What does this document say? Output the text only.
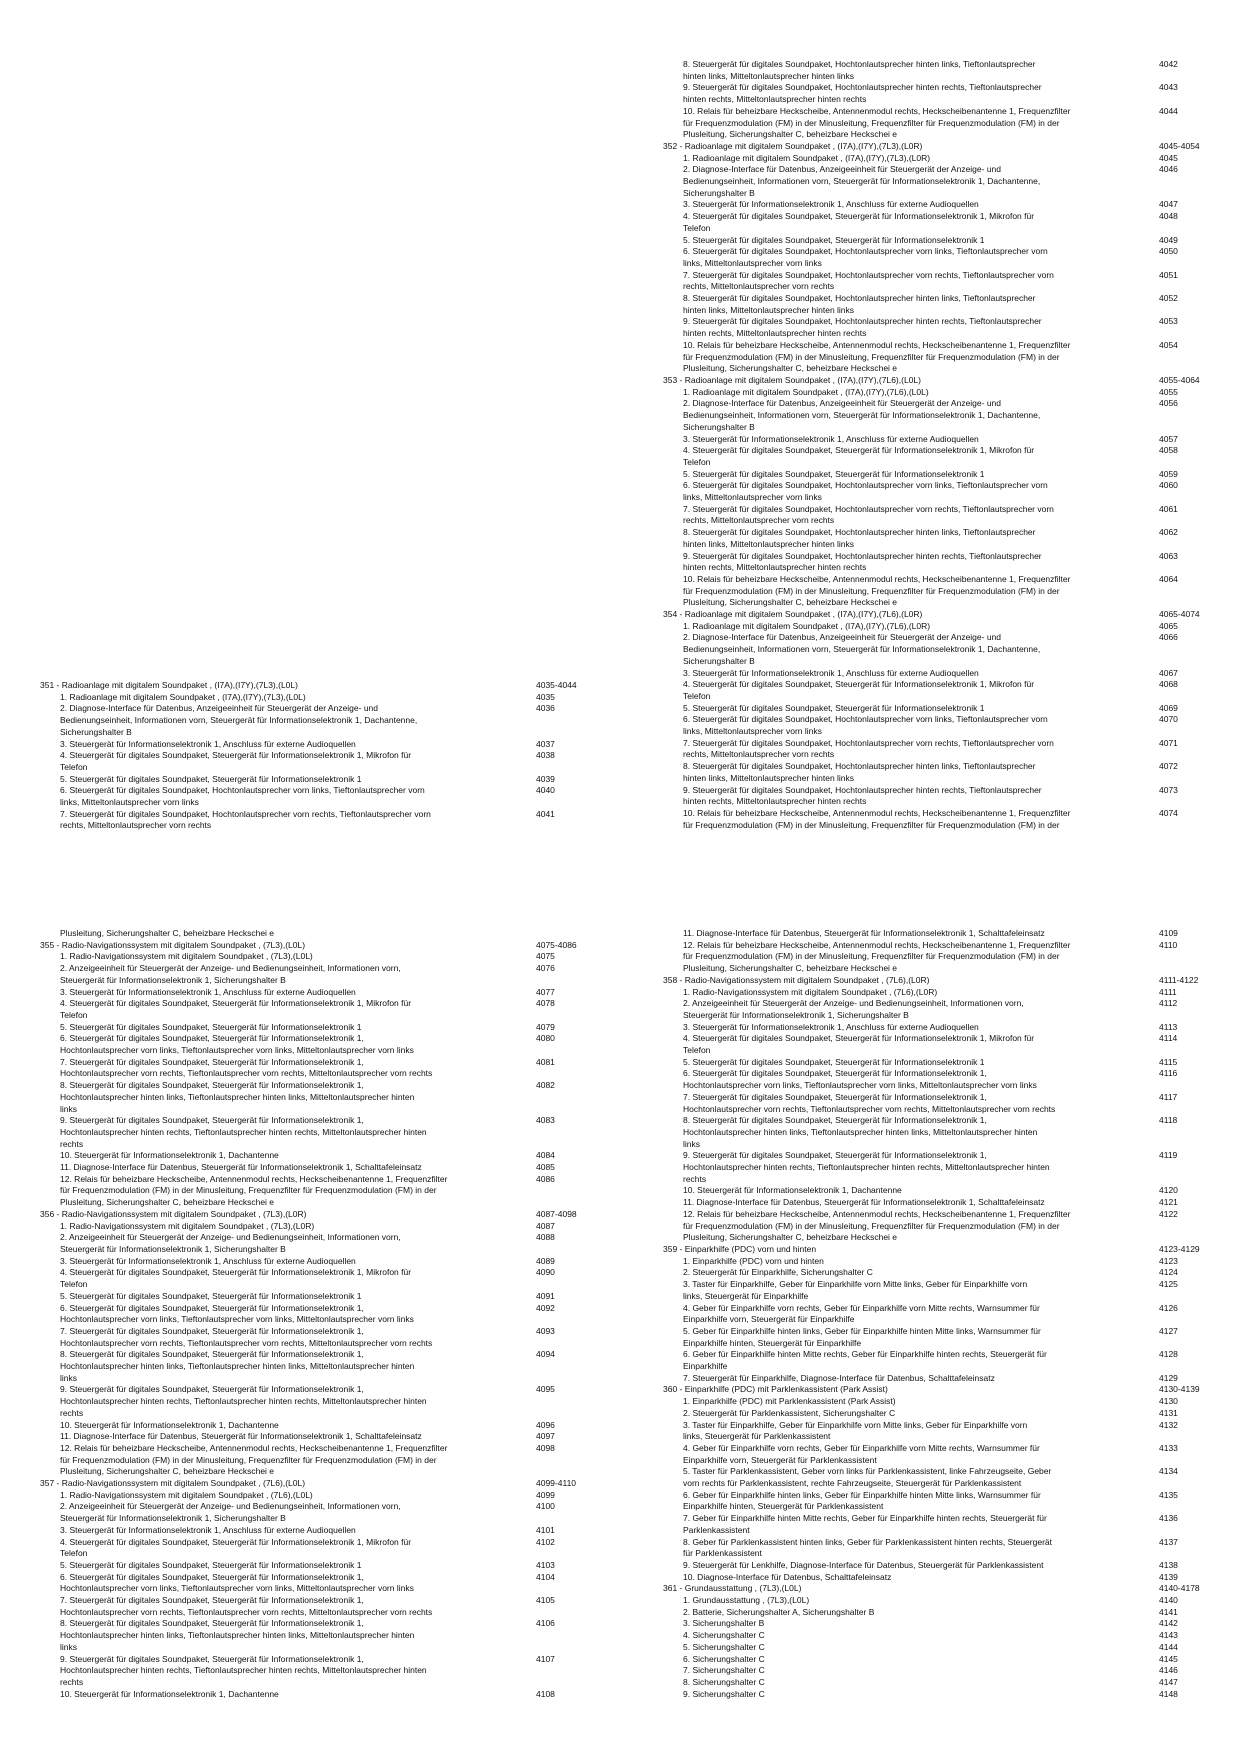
8. Steuergerät für digitales Soundpaket, Hochtonlautsprecher hinten links, Tieftonlautsprecher
hinten links, Mitteltonlautsprecher hinten links
4042
9. Steuergerät für digitales Soundpaket, Hochtonlautsprecher hinten rechts, Tieftonlautsprecher
hinten rechts, Mitteltonlautsprecher hinten rechts
4043
10. Relais für beheizbare Heckscheibe, Antennenmodul rechts, Heckscheibenantenne 1, Frequenzfilter
für Frequenzmodulation (FM) in der Minusleitung, Frequenzfilter für Frequenzmodulation (FM) in der
Plusleitung, Sicherungshalter C, beheizbare Heckschei e
4044
352 - Radioanlage mit digitalem Soundpaket , (I7A),(I7Y),(7L3),(L0R)	4045-4054
1. Radioanlage mit digitalem Soundpaket , (I7A),(I7Y),(7L3),(L0R)	4045
2. Diagnose-Interface für Datenbus, Anzeigeeinheit für Steuergerät der Anzeige- und
Bedienungseinheit, Informationen vorn, Steuergerät für Informationselektronik 1, Dachantenne,
Sicherungshalter B
4046
3. Steuergerät für Informationselektronik 1, Anschluss für externe Audioquellen	4047
4. Steuergerät für digitales Soundpaket, Steuergerät für Informationselektronik 1, Mikrofon für
Telefon
4048
5. Steuergerät für digitales Soundpaket, Steuergerät für Informationselektronik 1	4049
6. Steuergerät für digitales Soundpaket, Hochtonlautsprecher vorn links, Tieftonlautsprecher vorn
links, Mitteltonlautsprecher vorn links
4050
7. Steuergerät für digitales Soundpaket, Hochtonlautsprecher vorn rechts, Tieftonlautsprecher vorn
rechts, Mitteltonlautsprecher vorn rechts
4051
8. Steuergerät für digitales Soundpaket, Hochtonlautsprecher hinten links, Tieftonlautsprecher
hinten links, Mitteltonlautsprecher hinten links
4052
9. Steuergerät für digitales Soundpaket, Hochtonlautsprecher hinten rechts, Tieftonlautsprecher
hinten rechts, Mitteltonlautsprecher hinten rechts
4053
10. Relais für beheizbare Heckscheibe, Antennenmodul rechts, Heckscheibenantenne 1, Frequenzfilter
für Frequenzmodulation (FM) in der Minusleitung, Frequenzfilter für Frequenzmodulation (FM) in der
Plusleitung, Sicherungshalter C, beheizbare Heckschei e
4054
353 - Radioanlage mit digitalem Soundpaket , (I7A),(I7Y),(7L6),(L0L)	4055-4064
1. Radioanlage mit digitalem Soundpaket , (I7A),(I7Y),(7L6),(L0L)	4055
2. Diagnose-Interface für Datenbus, Anzeigeeinheit für Steuergerät der Anzeige- und
Bedienungseinheit, Informationen vorn, Steuergerät für Informationselektronik 1, Dachantenne,
Sicherungshalter B
4056
3. Steuergerät für Informationselektronik 1, Anschluss für externe Audioquellen	4057
4. Steuergerät für digitales Soundpaket, Steuergerät für Informationselektronik 1, Mikrofon für
Telefon
4058
5. Steuergerät für digitales Soundpaket, Steuergerät für Informationselektronik 1	4059
6. Steuergerät für digitales Soundpaket, Hochtonlautsprecher vorn links, Tieftonlautsprecher vorn
links, Mitteltonlautsprecher vorn links
4060
7. Steuergerät für digitales Soundpaket, Hochtonlautsprecher vorn rechts, Tieftonlautsprecher vorn
rechts, Mitteltonlautsprecher vorn rechts
4061
8. Steuergerät für digitales Soundpaket, Hochtonlautsprecher hinten links, Tieftonlautsprecher
hinten links, Mitteltonlautsprecher hinten links
4062
9. Steuergerät für digitales Soundpaket, Hochtonlautsprecher hinten rechts, Tieftonlautsprecher
hinten rechts, Mitteltonlautsprecher hinten rechts
4063
10. Relais für beheizbare Heckscheibe, Antennenmodul rechts, Heckscheibenantenne 1, Frequenzfilter
für Frequenzmodulation (FM) in der Minusleitung, Frequenzfilter für Frequenzmodulation (FM) in der
Plusleitung, Sicherungshalter C, beheizbare Heckschei e
4064
354 - Radioanlage mit digitalem Soundpaket , (I7A),(I7Y),(7L6),(L0R)	4065-4074
1. Radioanlage mit digitalem Soundpaket , (I7A),(I7Y),(7L6),(L0R)	4065
2. Diagnose-Interface für Datenbus, Anzeigeeinheit für Steuergerät der Anzeige- und
Bedienungseinheit, Informationen vorn, Steuergerät für Informationselektronik 1, Dachantenne,
Sicherungshalter B
4066
3. Steuergerät für Informationselektronik 1, Anschluss für externe Audioquellen	4067
4. Steuergerät für digitales Soundpaket, Steuergerät für Informationselektronik 1, Mikrofon für
Telefon
4068
5. Steuergerät für digitales Soundpaket, Steuergerät für Informationselektronik 1	4069
6. Steuergerät für digitales Soundpaket, Hochtonlautsprecher vorn links, Tieftonlautsprecher vorn
links, Mitteltonlautsprecher vorn links
4070
7. Steuergerät für digitales Soundpaket, Hochtonlautsprecher vorn rechts, Tieftonlautsprecher vorn
rechts, Mitteltonlautsprecher vorn rechts
4071
8. Steuergerät für digitales Soundpaket, Hochtonlautsprecher hinten links, Tieftonlautsprecher
hinten links, Mitteltonlautsprecher hinten links
4072
9. Steuergerät für digitales Soundpaket, Hochtonlautsprecher hinten rechts, Tieftonlautsprecher
hinten rechts, Mitteltonlautsprecher hinten rechts
4073
10. Relais für beheizbare Heckscheibe, Antennenmodul rechts, Heckscheibenantenne 1, Frequenzfilter
für Frequenzmodulation (FM) in der Minusleitung, Frequenzfilter für Frequenzmodulation (FM) in der
4074
351 - Radioanlage mit digitalem Soundpaket , (I7A),(I7Y),(7L3),(L0L)	4035-4044
1. Radioanlage mit digitalem Soundpaket , (I7A),(I7Y),(7L3),(L0L)	4035
2. Diagnose-Interface für Datenbus, Anzeigeeinheit für Steuergerät der Anzeige- und
Bedienungseinheit, Informationen vorn, Steuergerät für Informationselektronik 1, Dachantenne,
Sicherungshalter B
4036
3. Steuergerät für Informationselektronik 1, Anschluss für externe Audioquellen	4037
4. Steuergerät für digitales Soundpaket, Steuergerät für Informationselektronik 1, Mikrofon für
Telefon
4038
5. Steuergerät für digitales Soundpaket, Steuergerät für Informationselektronik 1	4039
6. Steuergerät für digitales Soundpaket, Hochtonlautsprecher vorn links, Tieftonlautsprecher vorn
links, Mitteltonlautsprecher vorn links
4040
7. Steuergerät für digitales Soundpaket, Hochtonlautsprecher vorn rechts, Tieftonlautsprecher vorn
rechts, Mitteltonlautsprecher vorn rechts
4041
Plusleitung, Sicherungshalter C, beheizbare Heckschei e
355 - Radio-Navigationssystem mit digitalem Soundpaket , (7L3),(L0L)	4075-4086
1. Radio-Navigationssystem mit digitalem Soundpaket , (7L3),(L0L)	4075
2. Anzeigeeinheit für Steuergerät der Anzeige- und Bedienungseinheit, Informationen vorn,
Steuergerät für Informationselektronik 1, Sicherungshalter B
4076
3. Steuergerät für Informationselektronik 1, Anschluss für externe Audioquellen	4077
4. Steuergerät für digitales Soundpaket, Steuergerät für Informationselektronik 1, Mikrofon für
Telefon
4078
5. Steuergerät für digitales Soundpaket, Steuergerät für Informationselektronik 1	4079
6. Steuergerät für digitales Soundpaket, Steuergerät für Informationselektronik 1,
Hochtonlautsprecher vorn links, Tieftonlautsprecher vorn links, Mitteltonlautsprecher vorn links
4080
7. Steuergerät für digitales Soundpaket, Steuergerät für Informationselektronik 1,
Hochtonlautsprecher vorn rechts, Tieftonlautsprecher vorn rechts, Mitteltonlautsprecher vorn rechts
4081
8. Steuergerät für digitales Soundpaket, Steuergerät für Informationselektronik 1,
Hochtonlautsprecher hinten links, Tieftonlautsprecher hinten links, Mitteltonlautsprecher hinten
links
4082
9. Steuergerät für digitales Soundpaket, Steuergerät für Informationselektronik 1,
Hochtonlautsprecher hinten rechts, Tieftonlautsprecher hinten rechts, Mitteltonlautsprecher hinten
rechts
4083
10. Steuergerät für Informationselektronik 1, Dachantenne	4084
11. Diagnose-Interface für Datenbus, Steuergerät für Informationselektronik 1, Schalttafeleinsatz	4085
12. Relais für beheizbare Heckscheibe, Antennenmodul rechts, Heckscheibenantenne 1, Frequenzfilter
für Frequenzmodulation (FM) in der Minusleitung, Frequenzfilter für Frequenzmodulation (FM) in der
Plusleitung, Sicherungshalter C, beheizbare Heckschei e
4086
356 - Radio-Navigationssystem mit digitalem Soundpaket , (7L3),(L0R)	4087-4098
1. Radio-Navigationssystem mit digitalem Soundpaket , (7L3),(L0R)	4087
2. Anzeigeeinheit für Steuergerät der Anzeige- und Bedienungseinheit, Informationen vorn,
Steuergerät für Informationselektronik 1, Sicherungshalter B
4088
3. Steuergerät für Informationselektronik 1, Anschluss für externe Audioquellen	4089
4. Steuergerät für digitales Soundpaket, Steuergerät für Informationselektronik 1, Mikrofon für
Telefon
4090
5. Steuergerät für digitales Soundpaket, Steuergerät für Informationselektronik 1	4091
6. Steuergerät für digitales Soundpaket, Steuergerät für Informationselektronik 1,
Hochtonlautsprecher vorn links, Tieftonlautsprecher vorn links, Mitteltonlautsprecher vorn links
4092
7. Steuergerät für digitales Soundpaket, Steuergerät für Informationselektronik 1,
Hochtonlautsprecher vorn rechts, Tieftonlautsprecher vorn rechts, Mitteltonlautsprecher vorn rechts
4093
8. Steuergerät für digitales Soundpaket, Steuergerät für Informationselektronik 1,
Hochtonlautsprecher hinten links, Tieftonlautsprecher hinten links, Mitteltonlautsprecher hinten
links
4094
9. Steuergerät für digitales Soundpaket, Steuergerät für Informationselektronik 1,
Hochtonlautsprecher hinten rechts, Tieftonlautsprecher hinten rechts, Mitteltonlautsprecher hinten
rechts
4095
10. Steuergerät für Informationselektronik 1, Dachantenne	4096
11. Diagnose-Interface für Datenbus, Steuergerät für Informationselektronik 1, Schalttafeleinsatz	4097
12. Relais für beheizbare Heckscheibe, Antennenmodul rechts, Heckscheibenantenne 1, Frequenzfilter
für Frequenzmodulation (FM) in der Minusleitung, Frequenzfilter für Frequenzmodulation (FM) in der
Plusleitung, Sicherungshalter C, beheizbare Heckschei e
4098
357 - Radio-Navigationssystem mit digitalem Soundpaket , (7L6),(L0L)	4099-4110
1. Radio-Navigationssystem mit digitalem Soundpaket , (7L6),(L0L)	4099
2. Anzeigeeinheit für Steuergerät der Anzeige- und Bedienungseinheit, Informationen vorn,
Steuergerät für Informationselektronik 1, Sicherungshalter B
4100
3. Steuergerät für Informationselektronik 1, Anschluss für externe Audioquellen	4101
4. Steuergerät für digitales Soundpaket, Steuergerät für Informationselektronik 1, Mikrofon für
Telefon
4102
5. Steuergerät für digitales Soundpaket, Steuergerät für Informationselektronik 1	4103
6. Steuergerät für digitales Soundpaket, Steuergerät für Informationselektronik 1,
Hochtonlautsprecher vorn links, Tieftonlautsprecher vorn links, Mitteltonlautsprecher vorn links
4104
7. Steuergerät für digitales Soundpaket, Steuergerät für Informationselektronik 1,
Hochtonlautsprecher vorn rechts, Tieftonlautsprecher vorn rechts, Mitteltonlautsprecher vorn rechts
4105
8. Steuergerät für digitales Soundpaket, Steuergerät für Informationselektronik 1,
Hochtonlautsprecher hinten links, Tieftonlautsprecher hinten links, Mitteltonlautsprecher hinten
links
4106
9. Steuergerät für digitales Soundpaket, Steuergerät für Informationselektronik 1,
Hochtonlautsprecher hinten rechts, Tieftonlautsprecher hinten rechts, Mitteltonlautsprecher hinten
rechts
4107
10. Steuergerät für Informationselektronik 1, Dachantenne	4108
11. Diagnose-Interface für Datenbus, Steuergerät für Informationselektronik 1, Schalttafeleinsatz	4109
12. Relais für beheizbare Heckscheibe, Antennenmodul rechts, Heckscheibenantenne 1, Frequenzfilter
für Frequenzmodulation (FM) in der Minusleitung, Frequenzfilter für Frequenzmodulation (FM) in der
Plusleitung, Sicherungshalter C, beheizbare Heckschei e
4110
358 - Radio-Navigationssystem mit digitalem Soundpaket , (7L6),(L0R)	4111-4122
1. Radio-Navigationssystem mit digitalem Soundpaket , (7L6),(L0R)	4111
2. Anzeigeeinheit für Steuergerät der Anzeige- und Bedienungseinheit, Informationen vorn,
Steuergerät für Informationselektronik 1, Sicherungshalter B
4112
3. Steuergerät für Informationselektronik 1, Anschluss für externe Audioquellen	4113
4. Steuergerät für digitales Soundpaket, Steuergerät für Informationselektronik 1, Mikrofon für
Telefon
4114
5. Steuergerät für digitales Soundpaket, Steuergerät für Informationselektronik 1	4115
6. Steuergerät für digitales Soundpaket, Steuergerät für Informationselektronik 1,
Hochtonlautsprecher vorn links, Tieftonlautsprecher vorn links, Mitteltonlautsprecher vorn links
4116
7. Steuergerät für digitales Soundpaket, Steuergerät für Informationselektronik 1,
Hochtonlautsprecher vorn rechts, Tieftonlautsprecher vorn rechts, Mitteltonlautsprecher vorn rechts
4117
8. Steuergerät für digitales Soundpaket, Steuergerät für Informationselektronik 1,
Hochtonlautsprecher hinten links, Tieftonlautsprecher hinten links, Mitteltonlautsprecher hinten
links
4118
9. Steuergerät für digitales Soundpaket, Steuergerät für Informationselektronik 1,
Hochtonlautsprecher hinten rechts, Tieftonlautsprecher hinten rechts, Mitteltonlautsprecher hinten
rechts
4119
10. Steuergerät für Informationselektronik 1, Dachantenne	4120
11. Diagnose-Interface für Datenbus, Steuergerät für Informationselektronik 1, Schalttafeleinsatz	4121
12. Relais für beheizbare Heckscheibe, Antennenmodul rechts, Heckscheibenantenne 1, Frequenzfilter
für Frequenzmodulation (FM) in der Minusleitung, Frequenzfilter für Frequenzmodulation (FM) in der
Plusleitung, Sicherungshalter C, beheizbare Heckschei e
4122
359 - Einparkhilfe (PDC) vorn und hinten	4123-4129
1. Einparkhilfe (PDC) vorn und hinten	4123
2. Steuergerät für Einparkhilfe, Sicherungshalter C	4124
3. Taster für Einparkhilfe, Geber für Einparkhilfe vorn Mitte links, Geber für Einparkhilfe vorn
links, Steuergerät für Einparkhilfe
4125
4. Geber für Einparkhilfe vorn rechts, Geber für Einparkhilfe vorn Mitte rechts, Warnsummer für
Einparkhilfe vorn, Steuergerät für Einparkhilfe
4126
5. Geber für Einparkhilfe hinten links, Geber für Einparkhilfe hinten Mitte links, Warnsummer für
Einparkhilfe hinten, Steuergerät für Einparkhilfe
4127
6. Geber für Einparkhilfe hinten Mitte rechts, Geber für Einparkhilfe hinten rechts, Steuergerät für
Einparkhilfe
4128
7. Steuergerät für Einparkhilfe, Diagnose-Interface für Datenbus, Schalttafeleinsatz	4129
360 - Einparkhilfe (PDC) mit Parklenkassistent (Park Assist)	4130-4139
1. Einparkhilfe (PDC) mit Parklenkassistent (Park Assist)	4130
2. Steuergerät für Parklenkassistent, Sicherungshalter C	4131
3. Taster für Einparkhilfe, Geber für Einparkhilfe vorn Mitte links, Geber für Einparkhilfe vorn
links, Steuergerät für Parklenkassistent
4132
4. Geber für Einparkhilfe vorn rechts, Geber für Einparkhilfe vorn Mitte rechts, Warnsummer für
Einparkhilfe vorn, Steuergerät für Parklenkassistent
4133
5. Taster für Parklenkassistent, Geber vorn links für Parklenkassistent, linke Fahrzeugseite, Geber
vorn rechts für Parklenkassistent, rechte Fahrzeugseite, Steuergerät für Parklenkassistent
4134
6. Geber für Einparkhilfe hinten links, Geber für Einparkhilfe hinten Mitte links, Warnsummer für
Einparkhilfe hinten, Steuergerät für Parklenkassistent
4135
7. Geber für Einparkhilfe hinten Mitte rechts, Geber für Einparkhilfe hinten rechts, Steuergerät für
Parklenkassistent
4136
8. Geber für Parklenkassistent hinten links, Geber für Parklenkassistent hinten rechts, Steuergerät
für Parklenkassistent
4137
9. Steuergerät für Lenkhilfe, Diagnose-Interface für Datenbus, Steuergerät für Parklenkassistent	4138
10. Diagnose-Interface für Datenbus, Schalttafeleinsatz	4139
361 - Grundausstattung , (7L3),(L0L)	4140-4178
1. Grundausstattung , (7L3),(L0L)	4140
2. Batterie, Sicherungshalter A, Sicherungshalter B	4141
3. Sicherungshalter B	4142
4. Sicherungshalter C	4143
5. Sicherungshalter C	4144
6. Sicherungshalter C	4145
7. Sicherungshalter C	4146
8. Sicherungshalter C	4147
9. Sicherungshalter C	4148
